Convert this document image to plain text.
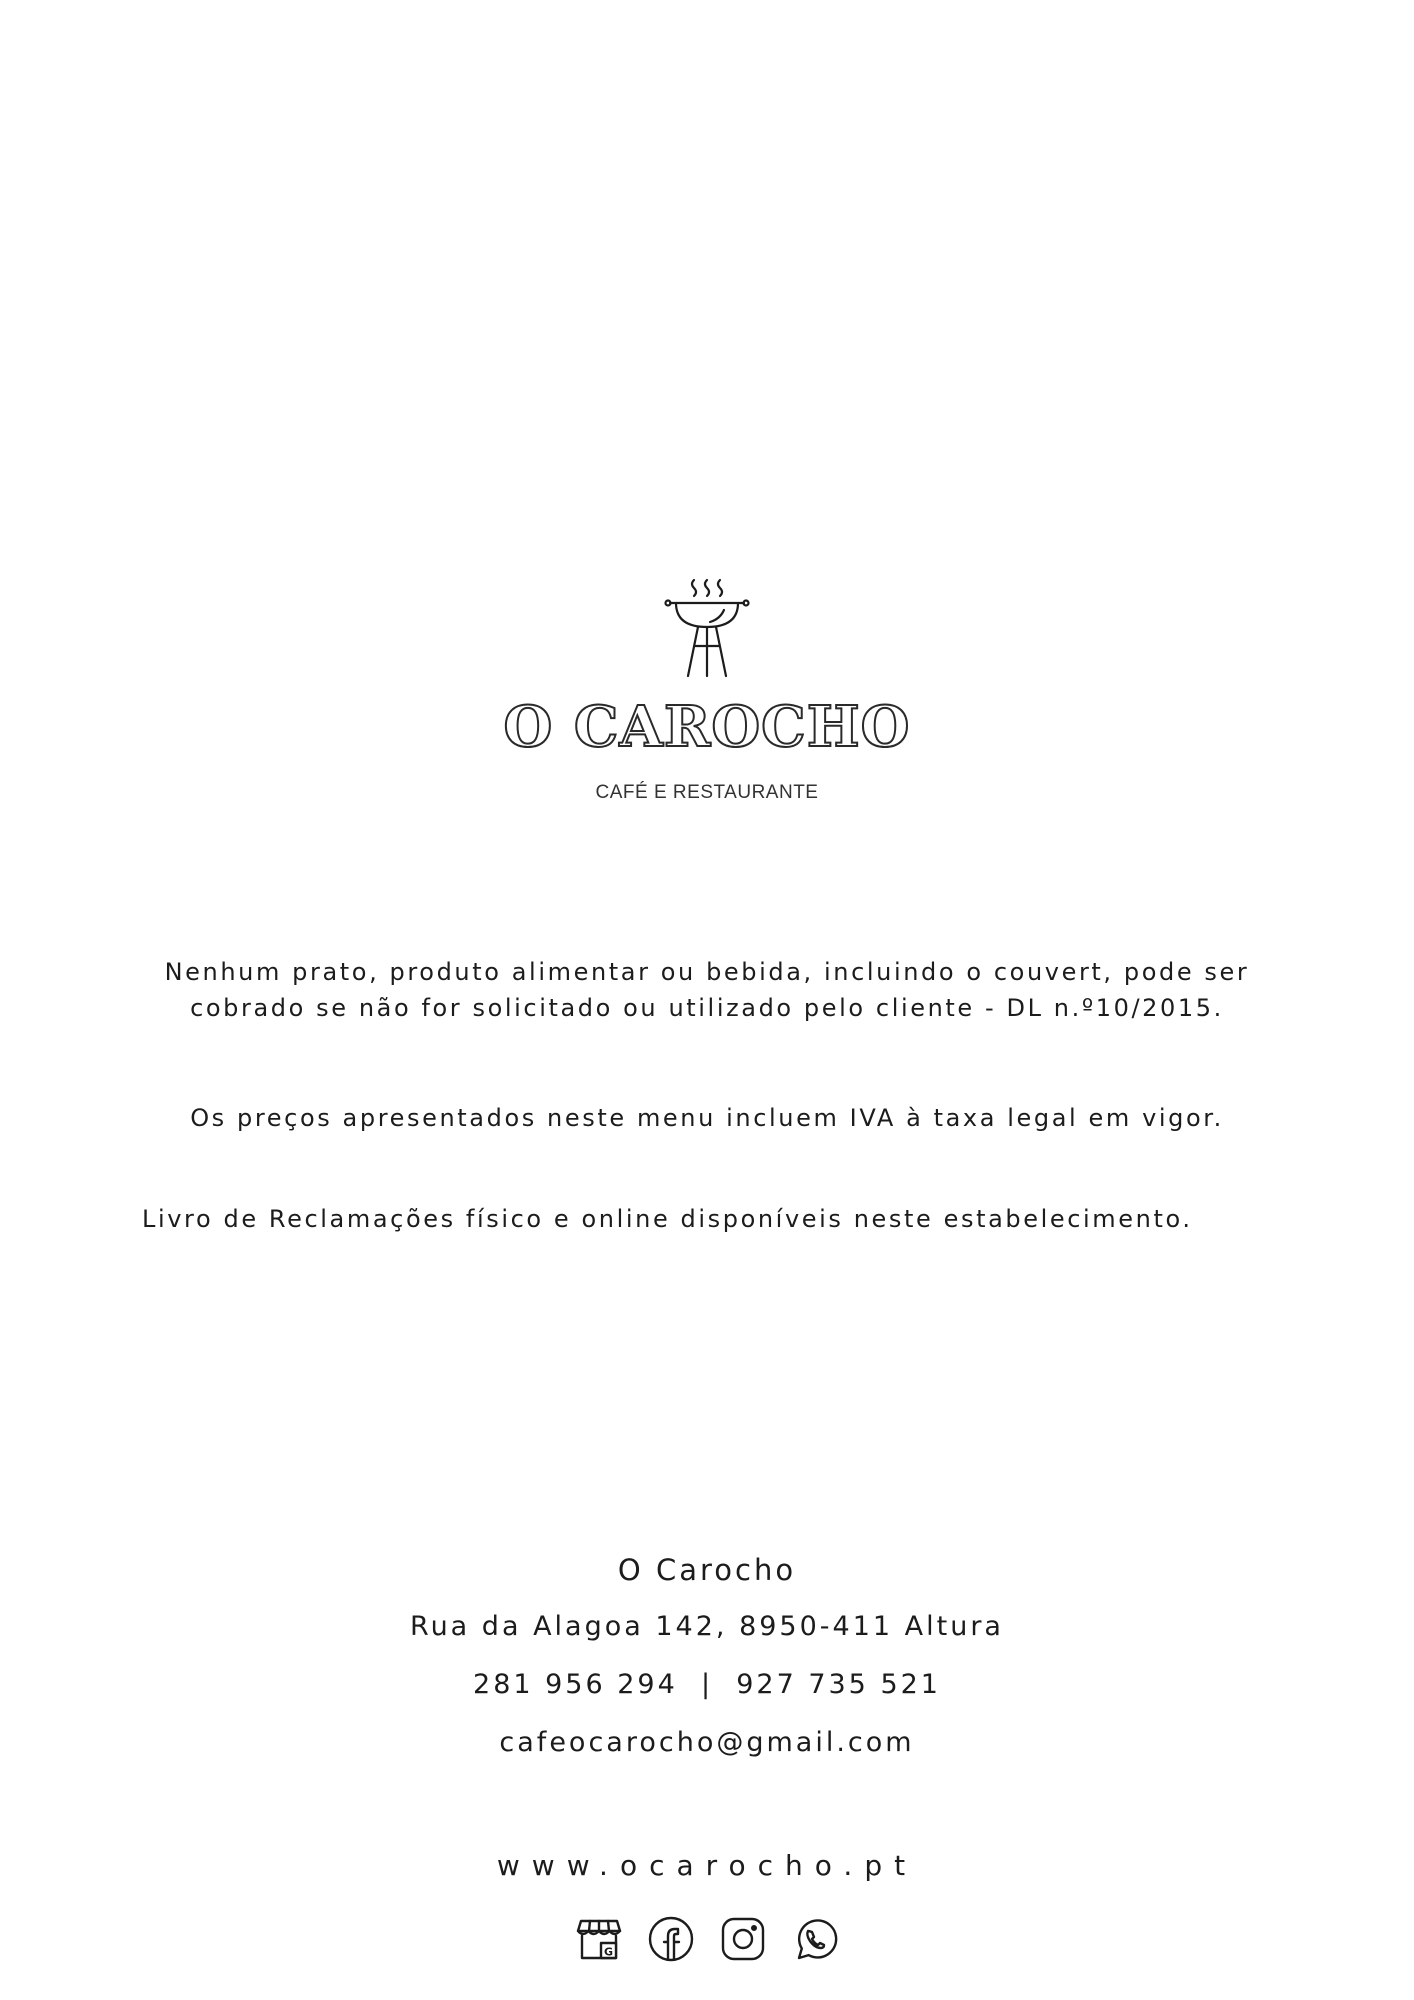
O CAROCHO
CAFÉ E RESTAURANTE
Nenhum prato, produto alimentar ou bebida, incluindo o couvert, pode ser
cobrado se não for solicitado ou utilizado pelo cliente - DL n.º10/2015.
Os preços apresentados neste menu incluem IVA à taxa legal em vigor.
Livro de Reclamações físico e online disponíveis neste estabelecimento.
O Carocho
Rua da Alagoa 142, 8950-411 Altura
281 956 294  |  927 735 521
cafeocarocho@gmail.com
www.ocarocho.pt
G
